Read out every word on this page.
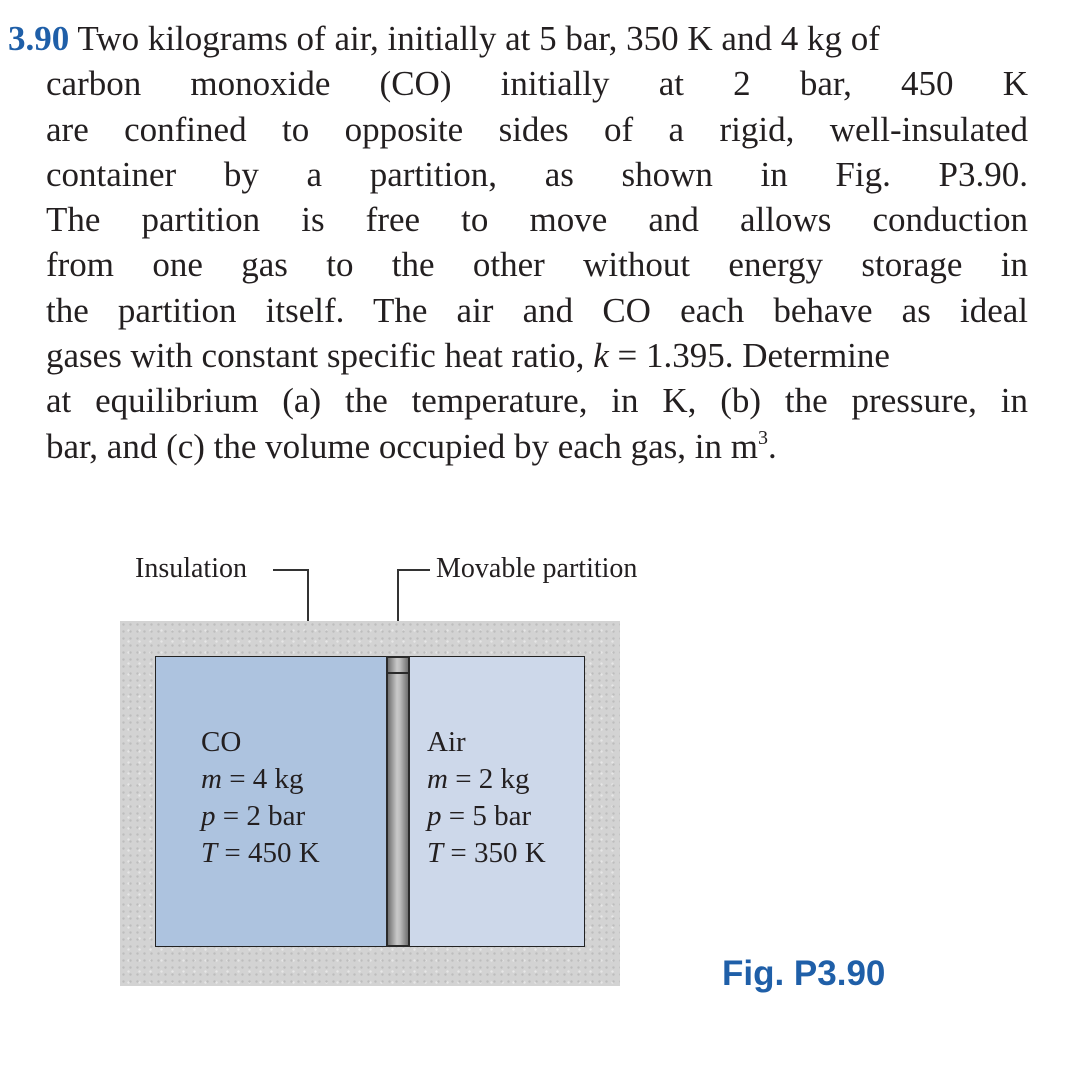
3.90 Two kilograms of air, initially at 5 bar, 350 K and 4 kg of
carbon monoxide (CO) initially at 2 bar, 450 K
are confined to opposite sides of a rigid, well-insulated
container by a partition, as shown in Fig. P3.90.
The partition is free to move and allows conduction
from one gas to the other without energy storage in
the partition itself. The air and CO each behave as ideal
gases with constant specific heat ratio, k = 1.395. Determine
at equilibrium (a) the temperature, in K, (b) the pressure, in
bar, and (c) the volume occupied by each gas, in $m^3$.
Insulation	Movable partition
CO
m = 4 kg
p = 2 bar
T = 450 K
Air
m = 2 kg
p = 5 bar
T = 350 K
Fig. P3.90
